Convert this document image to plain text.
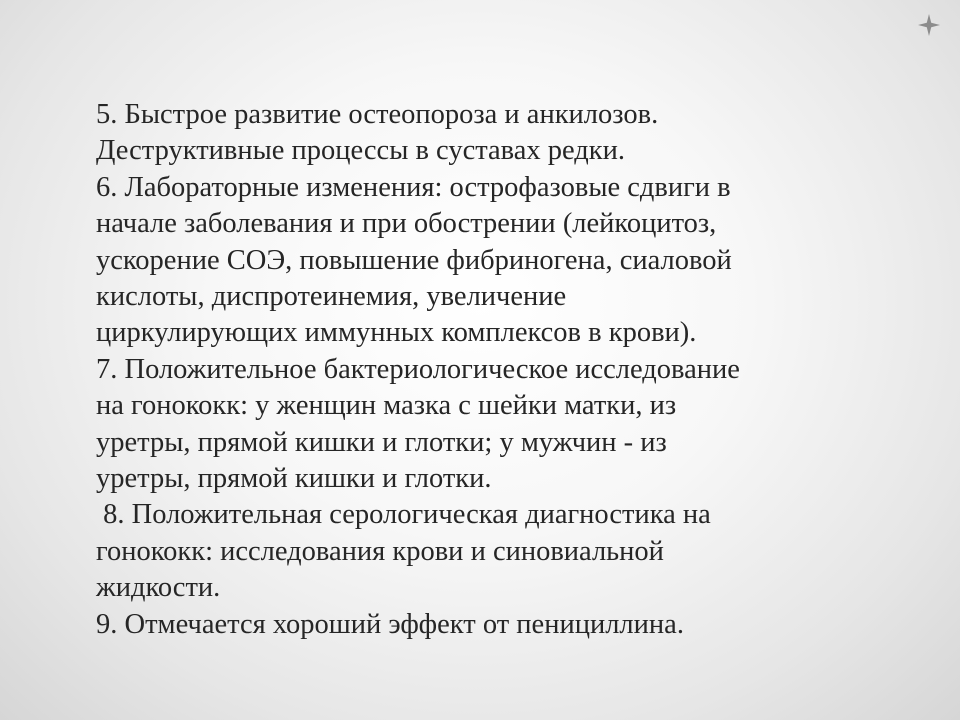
5. Быстрое развитие остеопороза и анкилозов.
Деструктивные процессы в суставах редки.
6. Лабораторные изменения: острофазовые сдвиги в
начале заболевания и при обострении (лейкоцитоз,
ускорение СОЭ, повышение фибриногена, сиаловой
кислоты, диспротеинемия, увеличение
циркулирующих иммунных комплексов в крови).
7. Положительное бактериологическое исследование
на гонококк: у женщин мазка с шейки матки, из
уретры, прямой кишки и глотки; у мужчин - из
уретры, прямой кишки и глотки.
8. Положительная серологическая диагностика на
гонококк: исследования крови и синовиальной
жидкости.
9. Отмечается хороший эффект от пенициллина.
